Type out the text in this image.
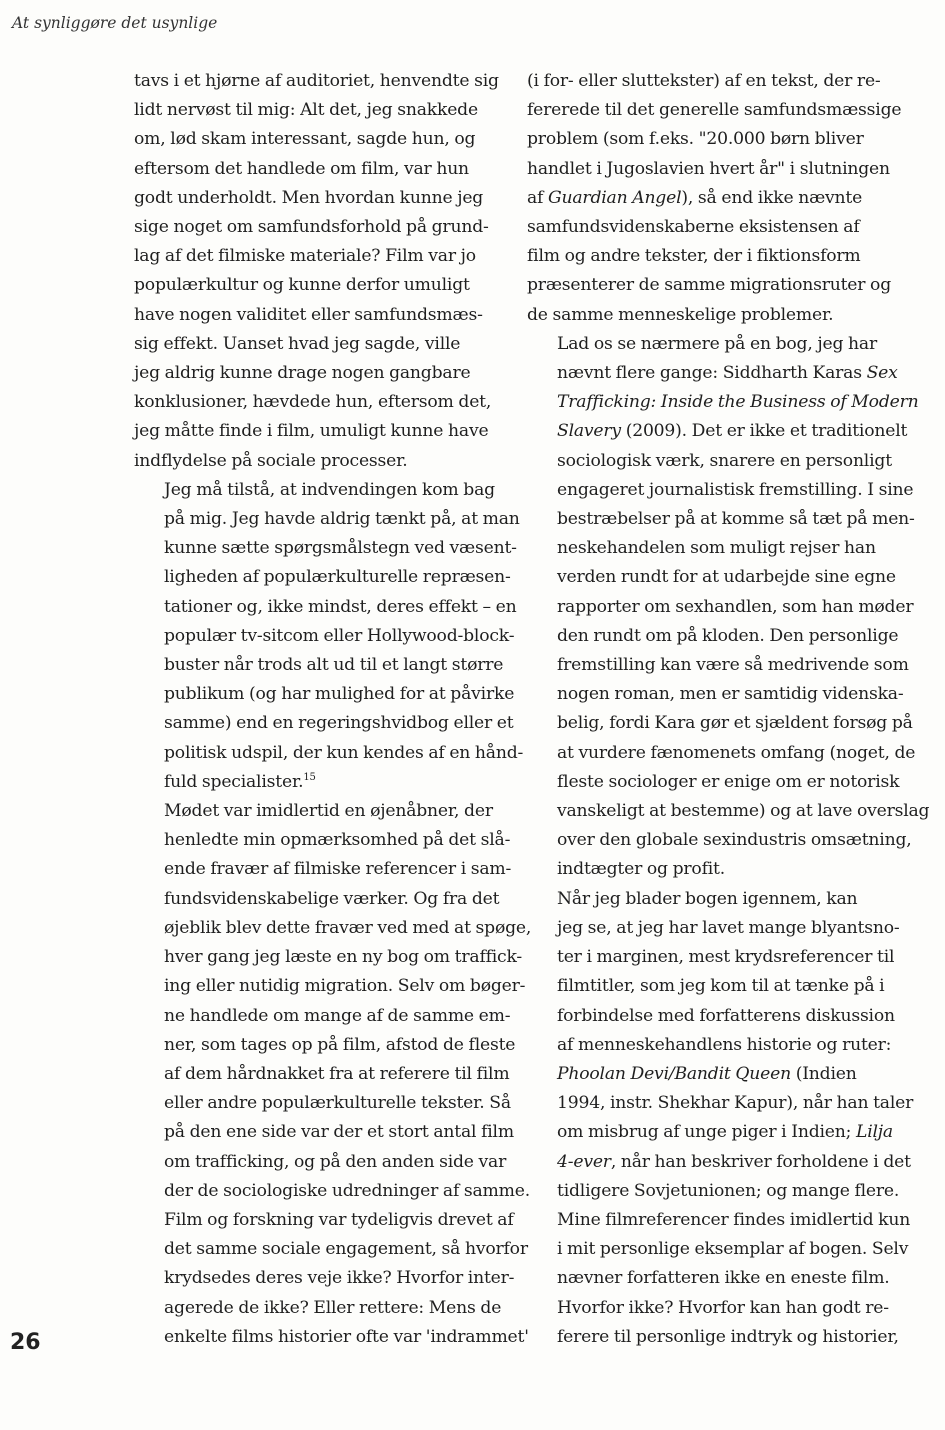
At synliggøre det usynlige

tavs i et hjørne af auditoriet, henvendte sig
lidt nervøst til mig: Alt det, jeg snakkede
om, lød skam interessant, sagde hun, og
eftersom det handlede om film, var hun
godt underholdt. Men hvordan kunne jeg
sige noget om samfundsforhold på grund-
lag af det filmiske materiale? Film var jo
populærkultur og kunne derfor umuligt
have nogen validitet eller samfundsmæs-
sig effekt. Uanset hvad jeg sagde, ville
jeg aldrig kunne drage nogen gangbare
konklusioner, hævdede hun, eftersom det,
jeg måtte finde i film, umuligt kunne have
indflydelse på sociale processer.

Jeg må tilstå, at indvendingen kom bag
på mig. Jeg havde aldrig tænkt på, at man
kunne sætte spørgsmålstegn ved væsent-
ligheden af populærkulturelle repræsen-
tationer og, ikke mindst, deres effekt – en
populær tv-sitcom eller Hollywood-block-
buster når trods alt ud til et langt større
publikum (og har mulighed for at påvirke
samme) end en regeringshvidbog eller et
politisk udspil, der kun kendes af en hånd-
fuld specialister.$^{15}$

Mødet var imidlertid en øjenåbner, der
henledte min opmærksomhed på det slå-
ende fravær af filmiske referencer i sam-
fundsvidenskabelige værker. Og fra det
øjeblik blev dette fravær ved med at spøge,
hver gang jeg læste en ny bog om traffick-
ing eller nutidig migration. Selv om bøger-
ne handlede om mange af de samme em-
ner, som tages op på film, afstod de fleste
af dem hårdnakket fra at referere til film
eller andre populærkulturelle tekster. Så
på den ene side var der et stort antal film
om trafficking, og på den anden side var
der de sociologiske udredninger af samme.
Film og forskning var tydeligvis drevet af
det samme sociale engagement, så hvorfor
krydsedes deres veje ikke? Hvorfor inter-
agerede de ikke? Eller rettere: Mens de
enkelte films historier ofte var 'indrammet'

(i for- eller sluttekster) af en tekst, der re-
fererede til det generelle samfundsmæssige
problem (som f.eks. "20.000 børn bliver
handlet i Jugoslavien hvert år" i slutningen
af Guardian Angel), så end ikke nævnte
samfundsvidenskaberne eksistensen af
film og andre tekster, der i fiktionsform
præsenterer de samme migrationsruter og
de samme menneskelige problemer.

Lad os se nærmere på en bog, jeg har
nævnt flere gange: Siddharth Karas Sex
Trafficking: Inside the Business of Modern
Slavery (2009). Det er ikke et traditionelt
sociologisk værk, snarere en personligt
engageret journalistisk fremstilling. I sine
bestræbelser på at komme så tæt på men-
neskehandelen som muligt rejser han
verden rundt for at udarbejde sine egne
rapporter om sexhandlen, som han møder
den rundt om på kloden. Den personlige
fremstilling kan være så medrivende som
nogen roman, men er samtidig videnska-
belig, fordi Kara gør et sjældent forsøg på
at vurdere fænomenets omfang (noget, de
fleste sociologer er enige om er notorisk
vanskeligt at bestemme) og at lave overslag
over den globale sexindustris omsætning,
indtægter og profit.

Når jeg blader bogen igennem, kan
jeg se, at jeg har lavet mange blyantsno-
ter i marginen, mest krydsreferencer til
filmtitler, som jeg kom til at tænke på i
forbindelse med forfatterens diskussion
af menneskehandlens historie og ruter:
Phoolan Devi/Bandit Queen (Indien
1994, instr. Shekhar Kapur), når han taler
om misbrug af unge piger i Indien; Lilja
4-ever, når han beskriver forholdene i det
tidligere Sovjetunionen; og mange flere.
Mine filmreferencer findes imidlertid kun
i mit personlige eksemplar af bogen. Selv
nævner forfatteren ikke en eneste film.
Hvorfor ikke? Hvorfor kan han godt re-
ferere til personlige indtryk og historier,

26
